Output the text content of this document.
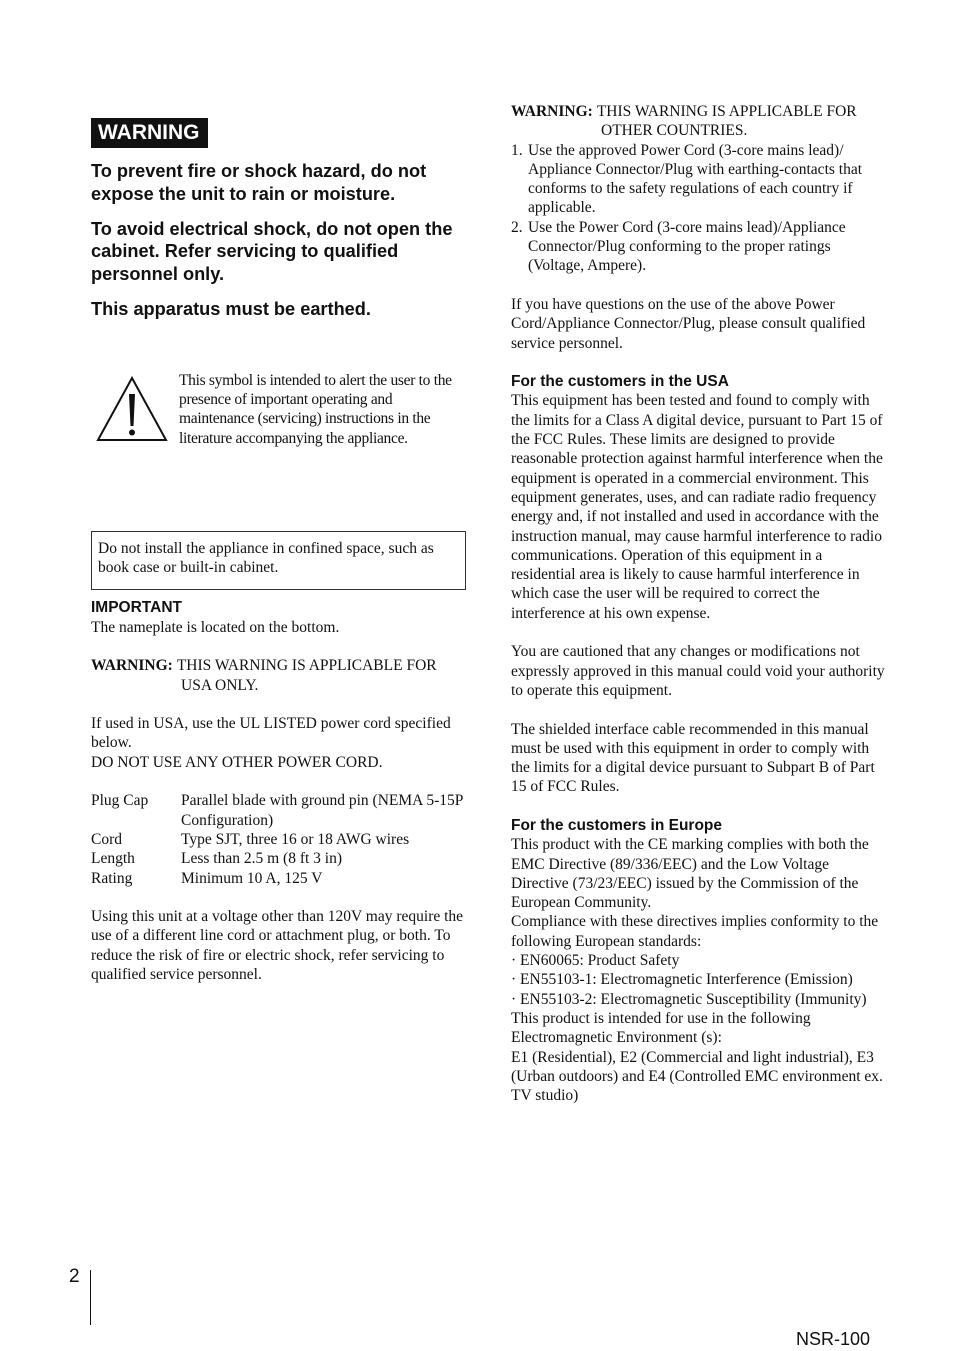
WARNING

To prevent fire or shock hazard, do not expose the unit to rain or moisture.

To avoid electrical shock, do not open the cabinet. Refer servicing to qualified personnel only.

This apparatus must be earthed.

This symbol is intended to alert the user to the presence of important operating and maintenance (servicing) instructions in the literature accompanying the appliance.

Do not install the appliance in confined space, such as book case or built-in cabinet.

IMPORTANT

The nameplate is located on the bottom.

WARNING: THIS WARNING IS APPLICABLE FOR
USA ONLY.

If used in USA, use the UL LISTED power cord specified below.

DO NOT USE ANY OTHER POWER CORD.

Plug Cap	Parallel blade with ground pin (NEMA 5-15P Configuration)
Cord	Type SJT, three 16 or 18 AWG wires
Length	Less than 2.5 m (8 ft 3 in)
Rating	Minimum 10 A, 125 V

Using this unit at a voltage other than 120V may require the use of a different line cord or attachment plug, or both. To reduce the risk of fire or electric shock, refer servicing to qualified service personnel.

WARNING: THIS WARNING IS APPLICABLE FOR
OTHER COUNTRIES.
1. Use the approved Power Cord (3-core mains lead)/ Appliance Connector/Plug with earthing-contacts that conforms to the safety regulations of each country if applicable.
2. Use the Power Cord (3-core mains lead)/Appliance Connector/Plug conforming to the proper ratings (Voltage, Ampere).

If you have questions on the use of the above Power Cord/Appliance Connector/Plug, please consult qualified service personnel.

For the customers in the USA

This equipment has been tested and found to comply with the limits for a Class A digital device, pursuant to Part 15 of the FCC Rules. These limits are designed to provide reasonable protection against harmful interference when the equipment is operated in a commercial environment. This equipment generates, uses, and can radiate radio frequency energy and, if not installed and used in accordance with the instruction manual, may cause harmful interference to radio communications. Operation of this equipment in a residential area is likely to cause harmful interference in which case the user will be required to correct the interference at his own expense.

You are cautioned that any changes or modifications not expressly approved in this manual could void your authority to operate this equipment.

The shielded interface cable recommended in this manual must be used with this equipment in order to comply with the limits for a digital device pursuant to Subpart B of Part 15 of FCC Rules.

For the customers in Europe

This product with the CE marking complies with both the EMC Directive (89/336/EEC) and the Low Voltage Directive (73/23/EEC) issued by the Commission of the European Community.

Compliance with these directives implies conformity to the following European standards:

· EN60065: Product Safety

· EN55103-1: Electromagnetic Interference (Emission)

· EN55103-2: Electromagnetic Susceptibility (Immunity)

This product is intended for use in the following Electromagnetic Environment (s):

E1 (Residential), E2 (Commercial and light industrial), E3 (Urban outdoors) and E4 (Controlled EMC environment ex. TV studio)

2
NSR-100
